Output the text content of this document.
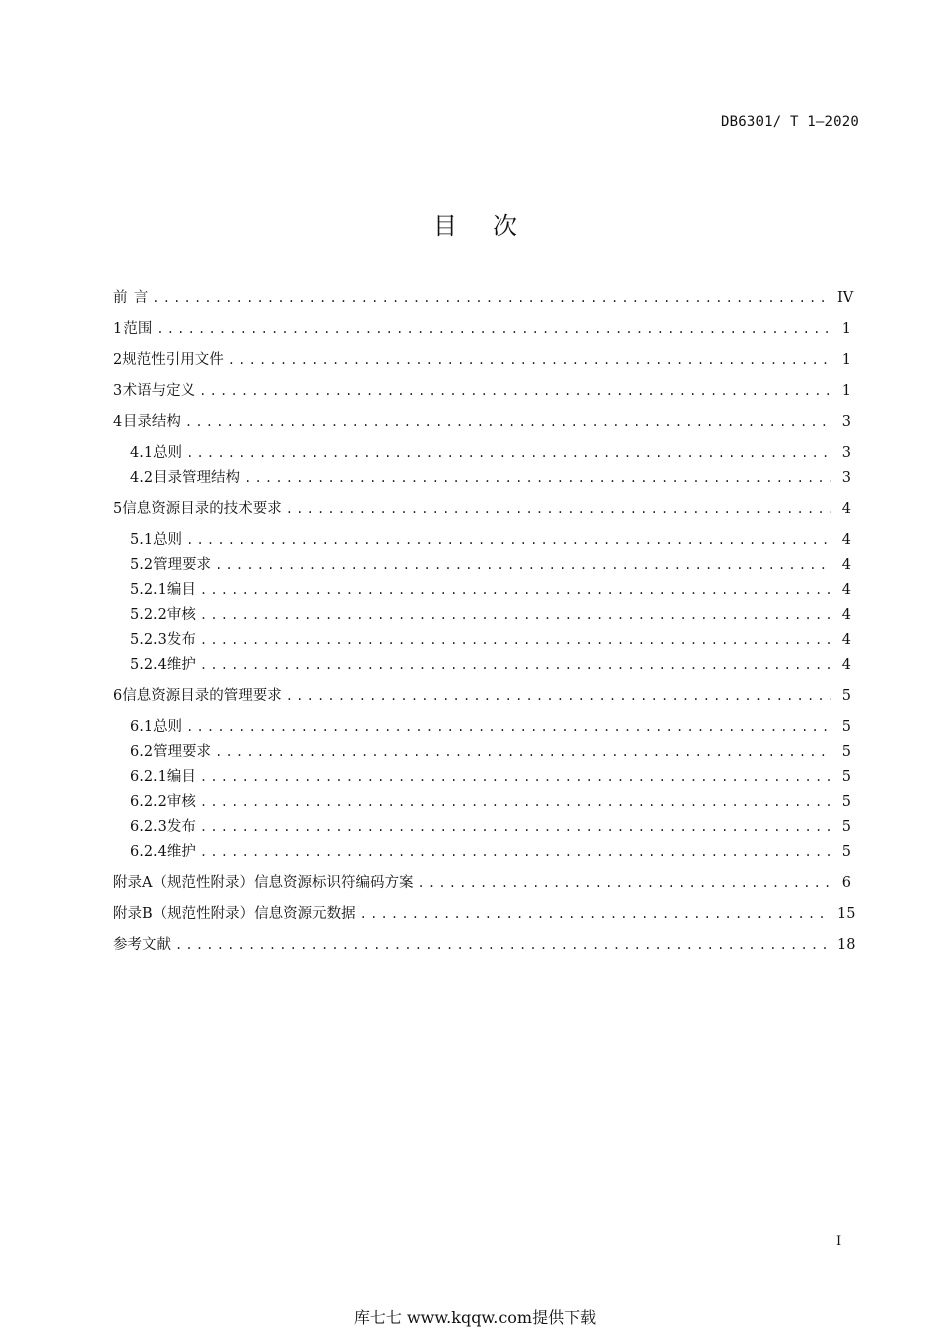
DB6301/ T 1—2020
目次
前 言 .....	IV
1 范围 .....	1
2 规范性引用文件 .....	1
3 术语与定义 .....	1
4 目录结构 .....	3
4.1 总则 .....	3
4.2 目录管理结构 .....	3
5 信息资源目录的技术要求 .....	4
5.1 总则 .....	4
5.2 管理要求 .....	4
5.2.1 编目 .....	4
5.2.2 审核 .....	4
5.2.3 发布 .....	4
5.2.4 维护 .....	4
6 信息资源目录的管理要求 .....	5
6.1 总则 .....	5
6.2 管理要求 .....	5
6.2.1 编目 .....	5
6.2.2 审核 .....	5
6.2.3 发布 .....	5
6.2.4 维护 .....	5
附录A（规范性附录） 信息资源标识符编码方案 .....	6
附录B（规范性附录） 信息资源元数据 .....	15
参考文献 .....	18
I
库七七 www.kqqw.com提供下载
